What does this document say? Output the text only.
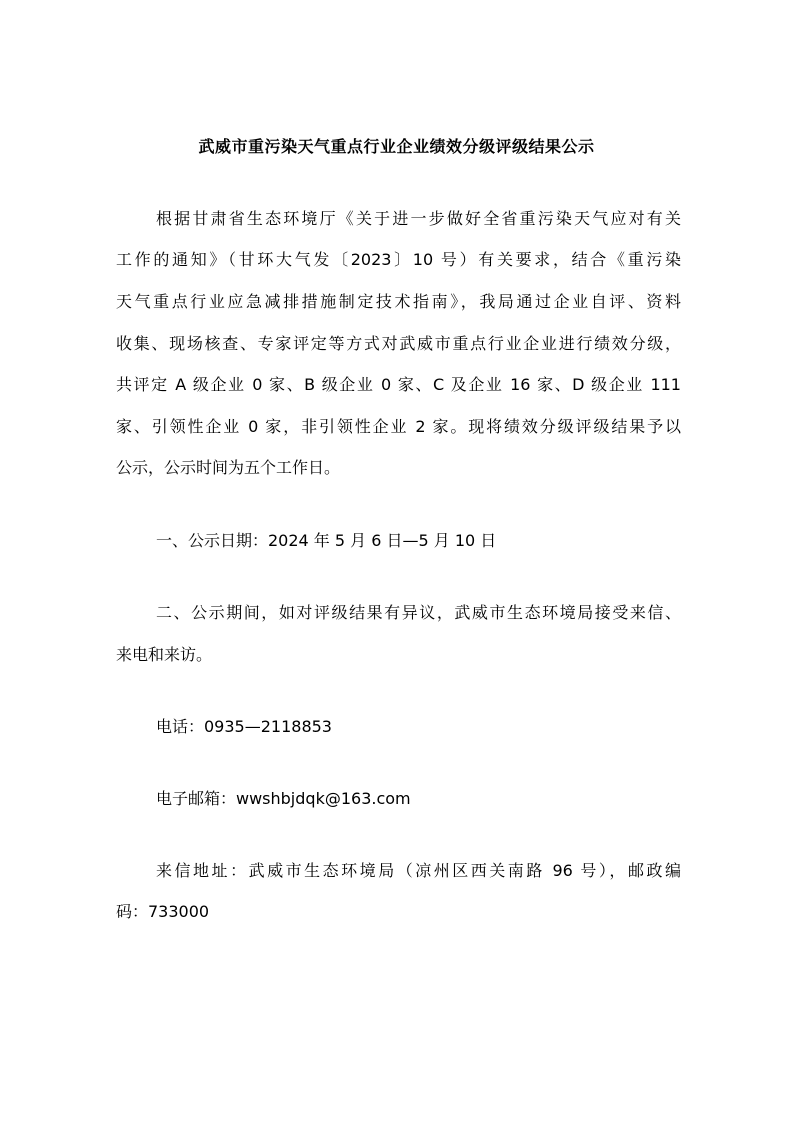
武威市重污染天气重点行业企业绩效分级评级结果公示
根据甘肃省生态环境厅《关于进一步做好全省重污染天气应对有关
工作的通知》（甘环大气发〔2023〕10 号）有关要求，结合《重污染
天气重点行业应急减排措施制定技术指南》，我局通过企业自评、资料
收集、现场核查、专家评定等方式对武威市重点行业企业进行绩效分级，
共评定 A 级企业 0 家、B 级企业 0 家、C 及企业 16 家、D 级企业 111
家、引领性企业 0 家，非引领性企业 2 家。现将绩效分级评级结果予以
公示，公示时间为五个工作日。
一、公示日期：2024 年 5 月 6 日—5 月 10 日
二、公示期间，如对评级结果有异议，武威市生态环境局接受来信、
来电和来访。
电话：0935—2118853
电子邮箱：wwshbjdqk@163.com
来信地址：武威市生态环境局（凉州区西关南路 96 号），邮政编
码：733000
